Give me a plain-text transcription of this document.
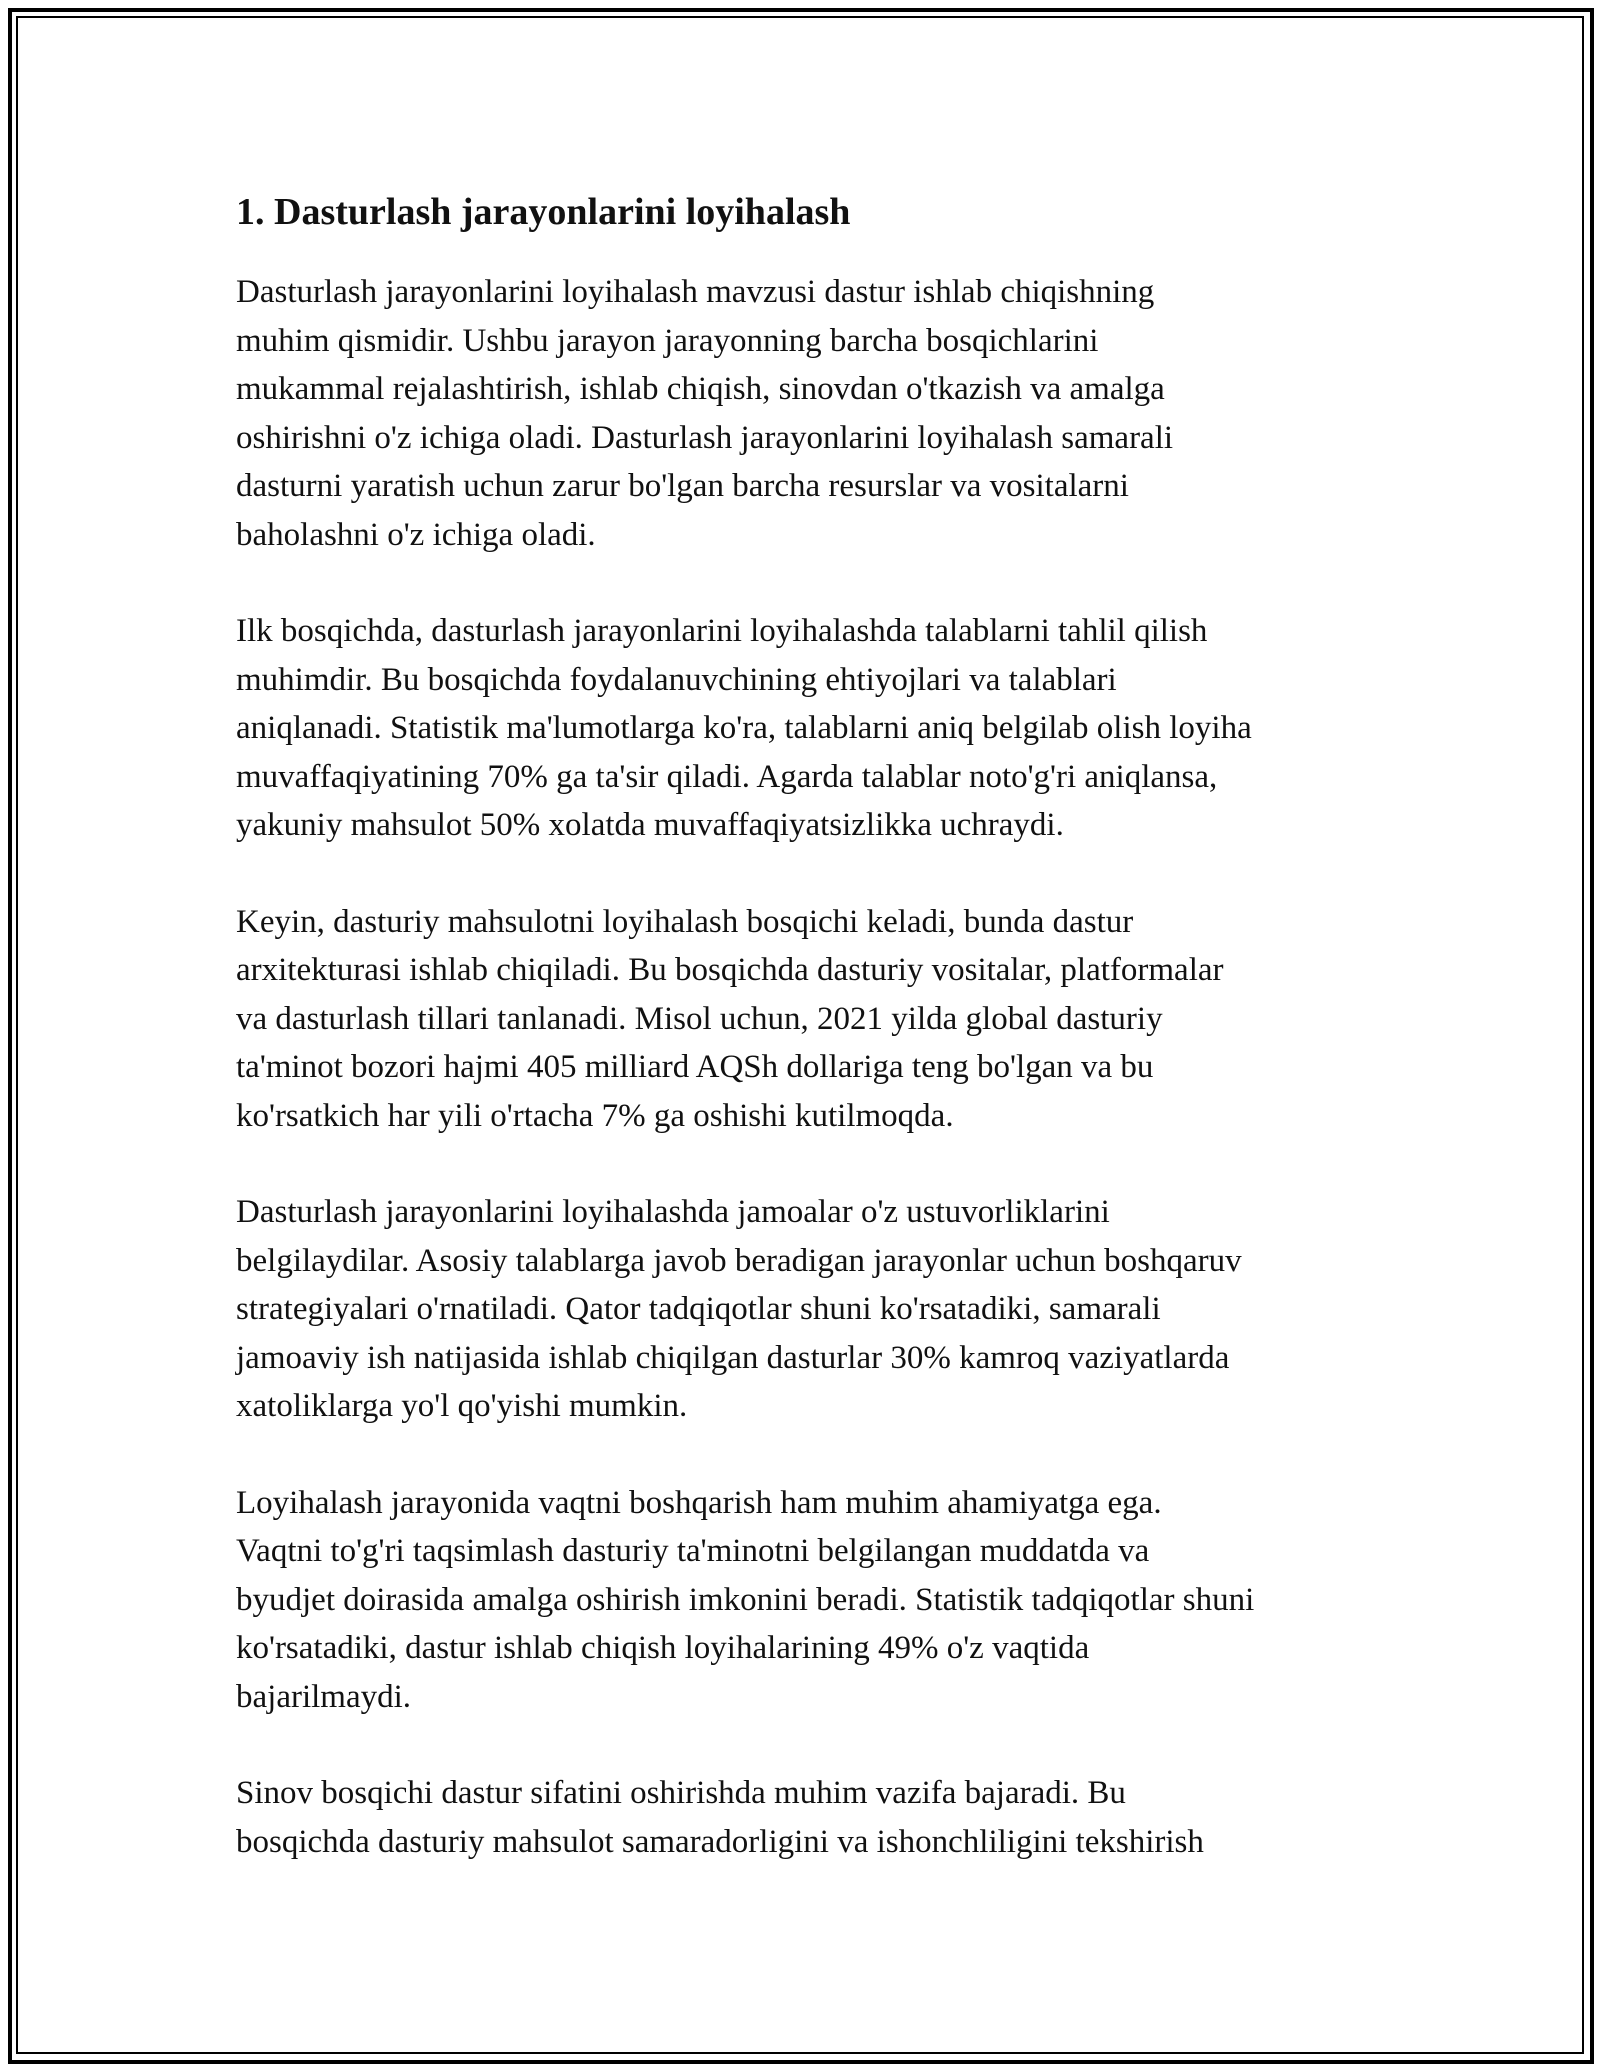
1. Dasturlash jarayonlarini loyihalash

Dasturlash jarayonlarini loyihalash mavzusi dastur ishlab chiqishning
muhim qismidir. Ushbu jarayon jarayonning barcha bosqichlarini
mukammal rejalashtirish, ishlab chiqish, sinovdan o'tkazish va amalga
oshirishni o'z ichiga oladi. Dasturlash jarayonlarini loyihalash samarali
dasturni yaratish uchun zarur bo'lgan barcha resurslar va vositalarni
baholashni o'z ichiga oladi.

Ilk bosqichda, dasturlash jarayonlarini loyihalashda talablarni tahlil qilish
muhimdir. Bu bosqichda foydalanuvchining ehtiyojlari va talablari
aniqlanadi. Statistik ma'lumotlarga ko'ra, talablarni aniq belgilab olish loyiha
muvaffaqiyatining 70% ga ta'sir qiladi. Agarda talablar noto'g'ri aniqlansa,
yakuniy mahsulot 50% xolatda muvaffaqiyatsizlikka uchraydi.

Keyin, dasturiy mahsulotni loyihalash bosqichi keladi, bunda dastur
arxitekturasi ishlab chiqiladi. Bu bosqichda dasturiy vositalar, platformalar
va dasturlash tillari tanlanadi. Misol uchun, 2021 yilda global dasturiy
ta'minot bozori hajmi 405 milliard AQSh dollariga teng bo'lgan va bu
ko'rsatkich har yili o'rtacha 7% ga oshishi kutilmoqda.

Dasturlash jarayonlarini loyihalashda jamoalar o'z ustuvorliklarini
belgilaydilar. Asosiy talablarga javob beradigan jarayonlar uchun boshqaruv
strategiyalari o'rnatiladi. Qator tadqiqotlar shuni ko'rsatadiki, samarali
jamoaviy ish natijasida ishlab chiqilgan dasturlar 30% kamroq vaziyatlarda
xatoliklarga yo'l qo'yishi mumkin.

Loyihalash jarayonida vaqtni boshqarish ham muhim ahamiyatga ega.
Vaqtni to'g'ri taqsimlash dasturiy ta'minotni belgilangan muddatda va
byudjet doirasida amalga oshirish imkonini beradi. Statistik tadqiqotlar shuni
ko'rsatadiki, dastur ishlab chiqish loyihalarining 49% o'z vaqtida
bajarilmaydi.

Sinov bosqichi dastur sifatini oshirishda muhim vazifa bajaradi. Bu
bosqichda dasturiy mahsulot samaradorligini va ishonchliligini tekshirish
